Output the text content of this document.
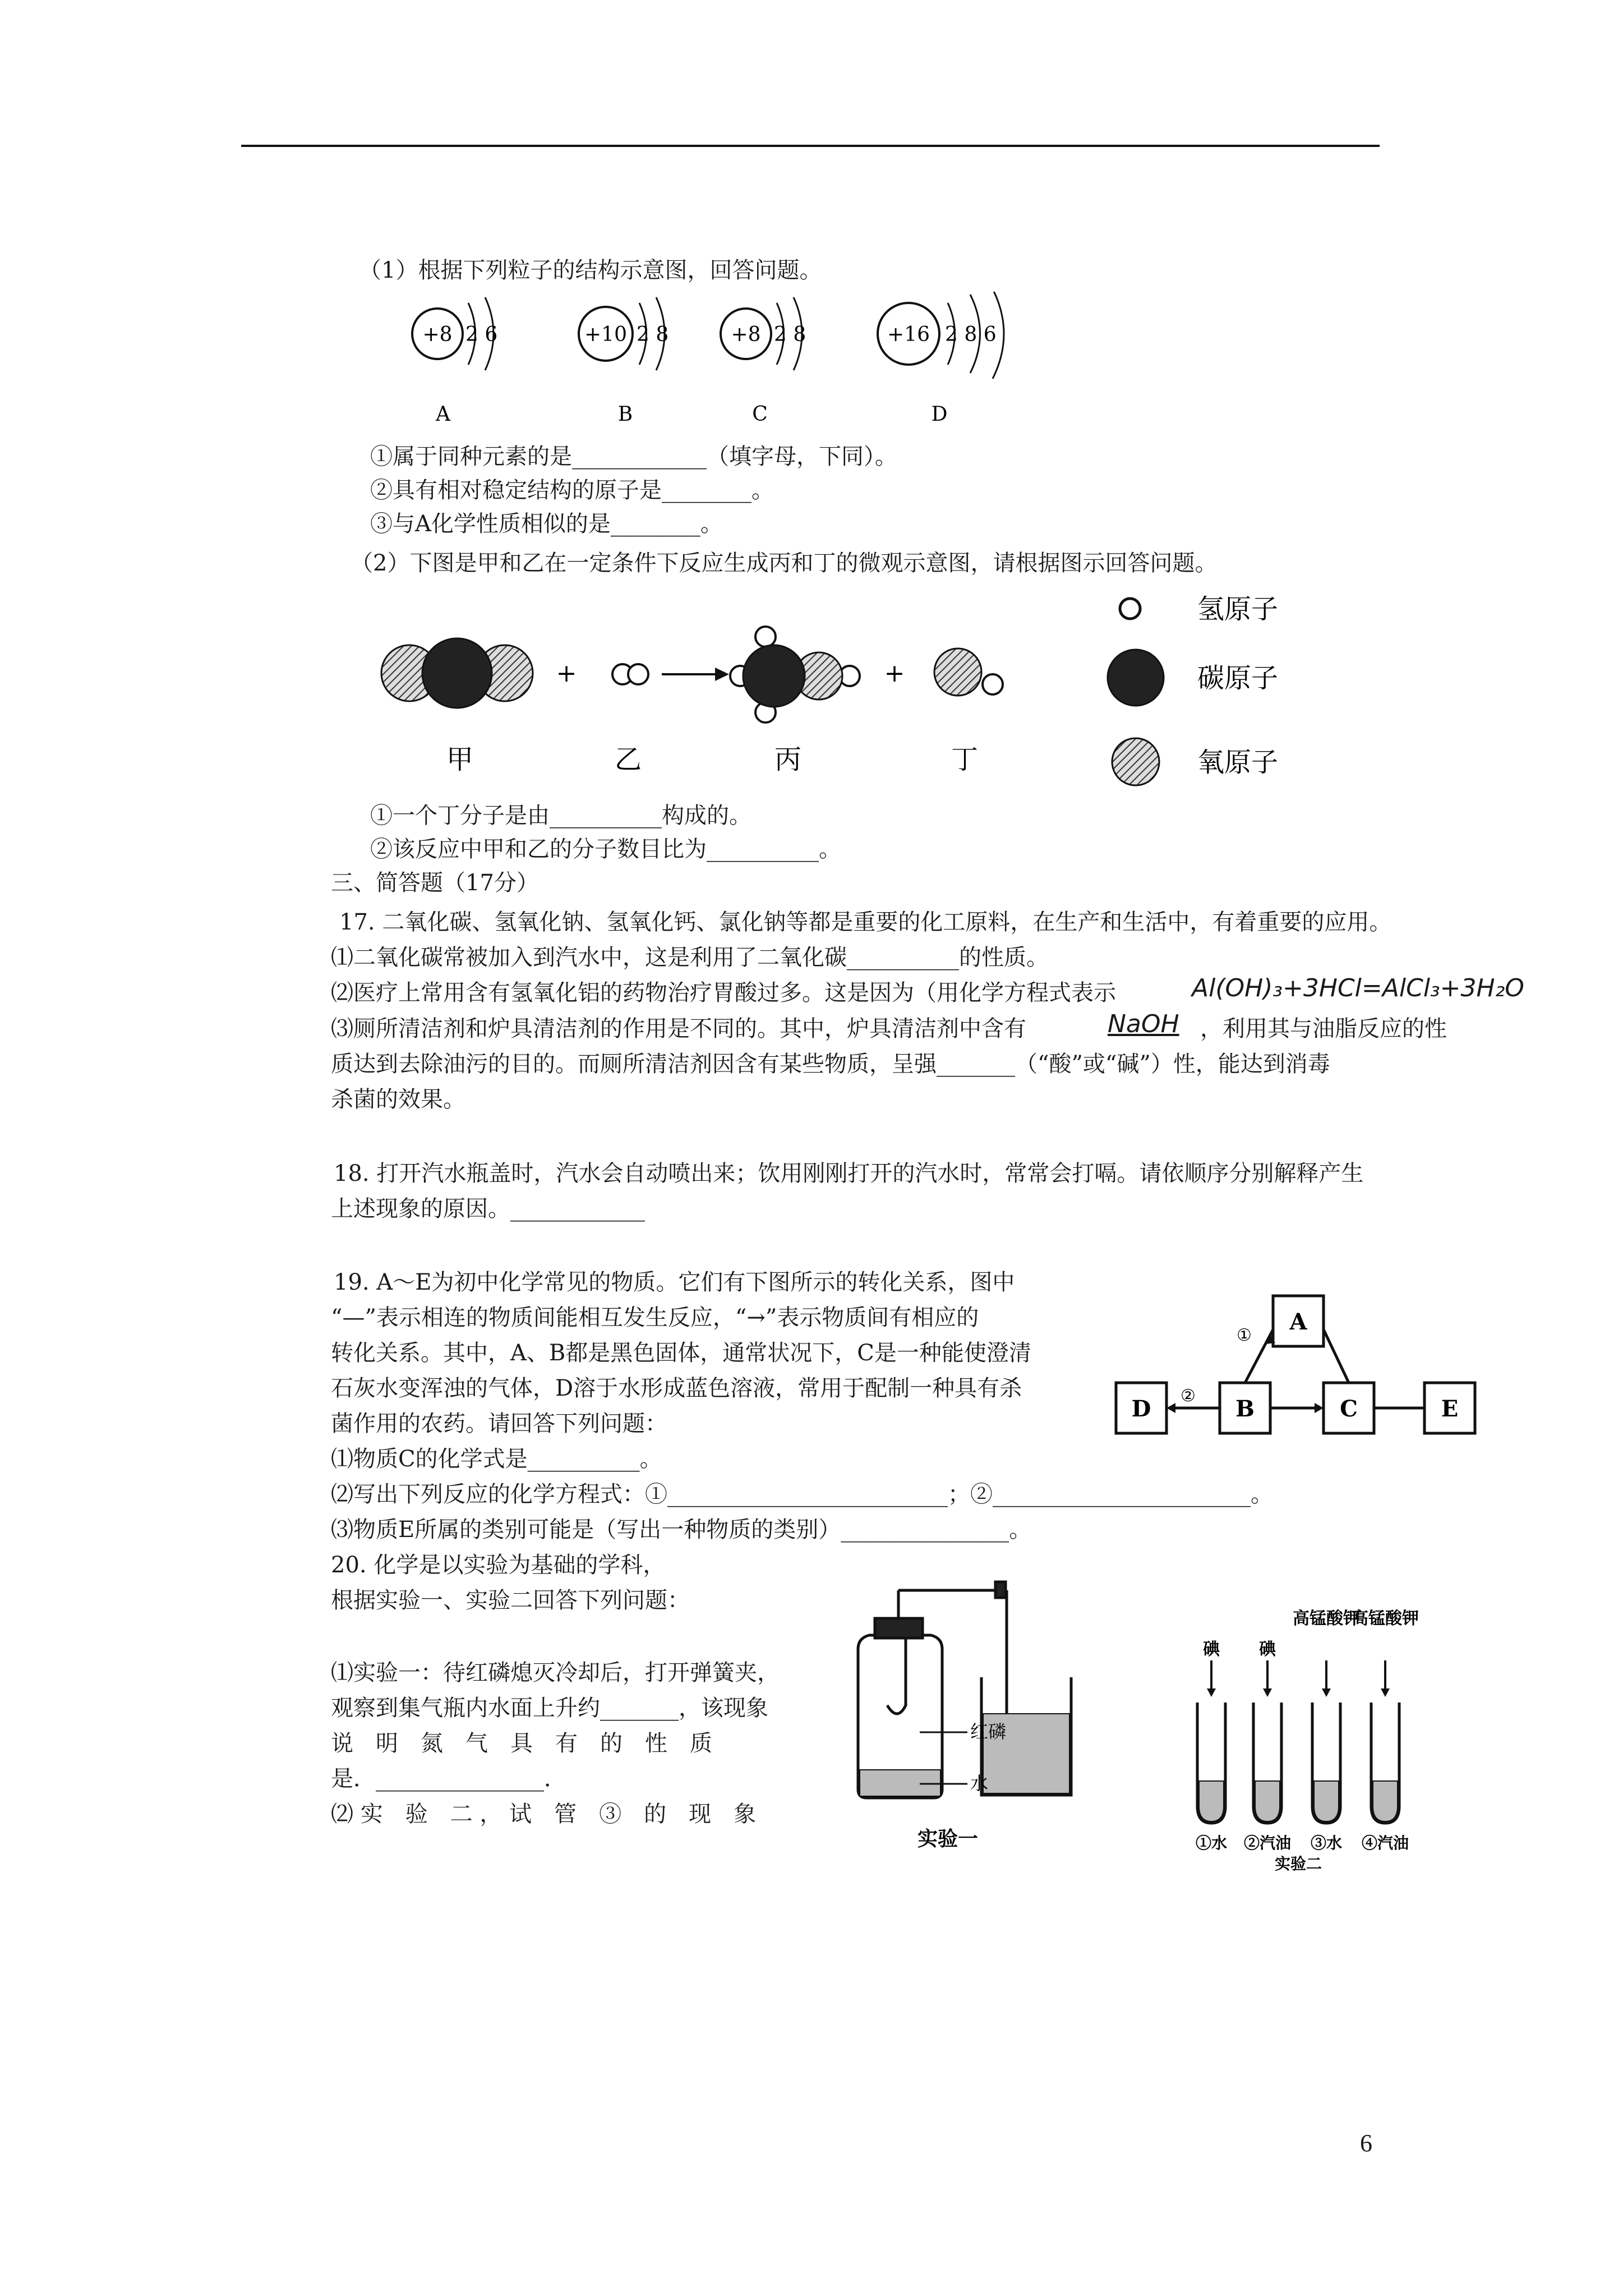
（1）根据下列粒子的结构示意图，回答问题。
+8 2 6
A
+10 2 8
B
+8 2 8
C
+16 2 8 6
D
①属于同种元素的是____________（填字母，下同）。
②具有相对稳定结构的原子是________。
③与A化学性质相似的是________。
（2）下图是甲和乙在一定条件下反应生成丙和丁的微观示意图，请根据图示回答问题。
+	+
甲	乙	丙	丁
氢原子
碳原子
氧原子
①一个丁分子是由__________构成的。
②该反应中甲和乙的分子数目比为__________。
三、简答题（17分）
17. 二氧化碳、氢氧化钠、氢氧化钙、氯化钠等都是重要的化工原料，在生产和生活中，有着重要的应用。
⑴二氧化碳常被加入到汽水中，这是利用了二氧化碳__________的性质。
⑵医疗上常用含有氢氧化铝的药物治疗胃酸过多。这是因为（用化学方程式表示	Al(OH)₃+3HCl=AlCl₃+3H₂O
⑶厕所清洁剂和炉具清洁剂的作用是不同的。其中，炉具清洁剂中含有	NaOH ，利用其与油脂反应的性
质达到去除油污的目的。而厕所清洁剂因含有某些物质，呈强_______（“酸”或“碱”）性，能达到消毒
杀菌的效果。
18. 打开汽水瓶盖时，汽水会自动喷出来；饮用刚刚打开的汽水时，常常会打嗝。请依顺序分别解释产生
上述现象的原因。____________
19. A～E为初中化学常见的物质。它们有下图所示的转化关系，图中
“—”表示相连的物质间能相互发生反应，“→”表示物质间有相应的
转化关系。其中，A、B都是黑色固体，通常状况下，C是一种能使澄清
石灰水变浑浊的气体，D溶于水形成蓝色溶液，常用于配制一种具有杀
菌作用的农药。请回答下列问题：
A
B	C
D	E
①
②
⑴物质C的化学式是__________。
⑵写出下列反应的化学方程式：①_________________________；②_______________________。
⑶物质E所属的类别可能是（写出一种物质的类别）_______________。
20. 化学是以实验为基础的学科，
根据实验一、实验二回答下列问题：
⑴实验一：待红磷熄灭冷却后，打开弹簧夹，
观察到集气瓶内水面上升约_______，该现象
说　明　氮　气　具　有　的　性　质
是．_______________．
⑵ 实　验　二 ， 试　管　③　的　现　象
红磷
水
实验一
碘 碘
高锰酸钾
高锰酸钾
①水 ②汽油 ③水 ④汽油
实验二
6
